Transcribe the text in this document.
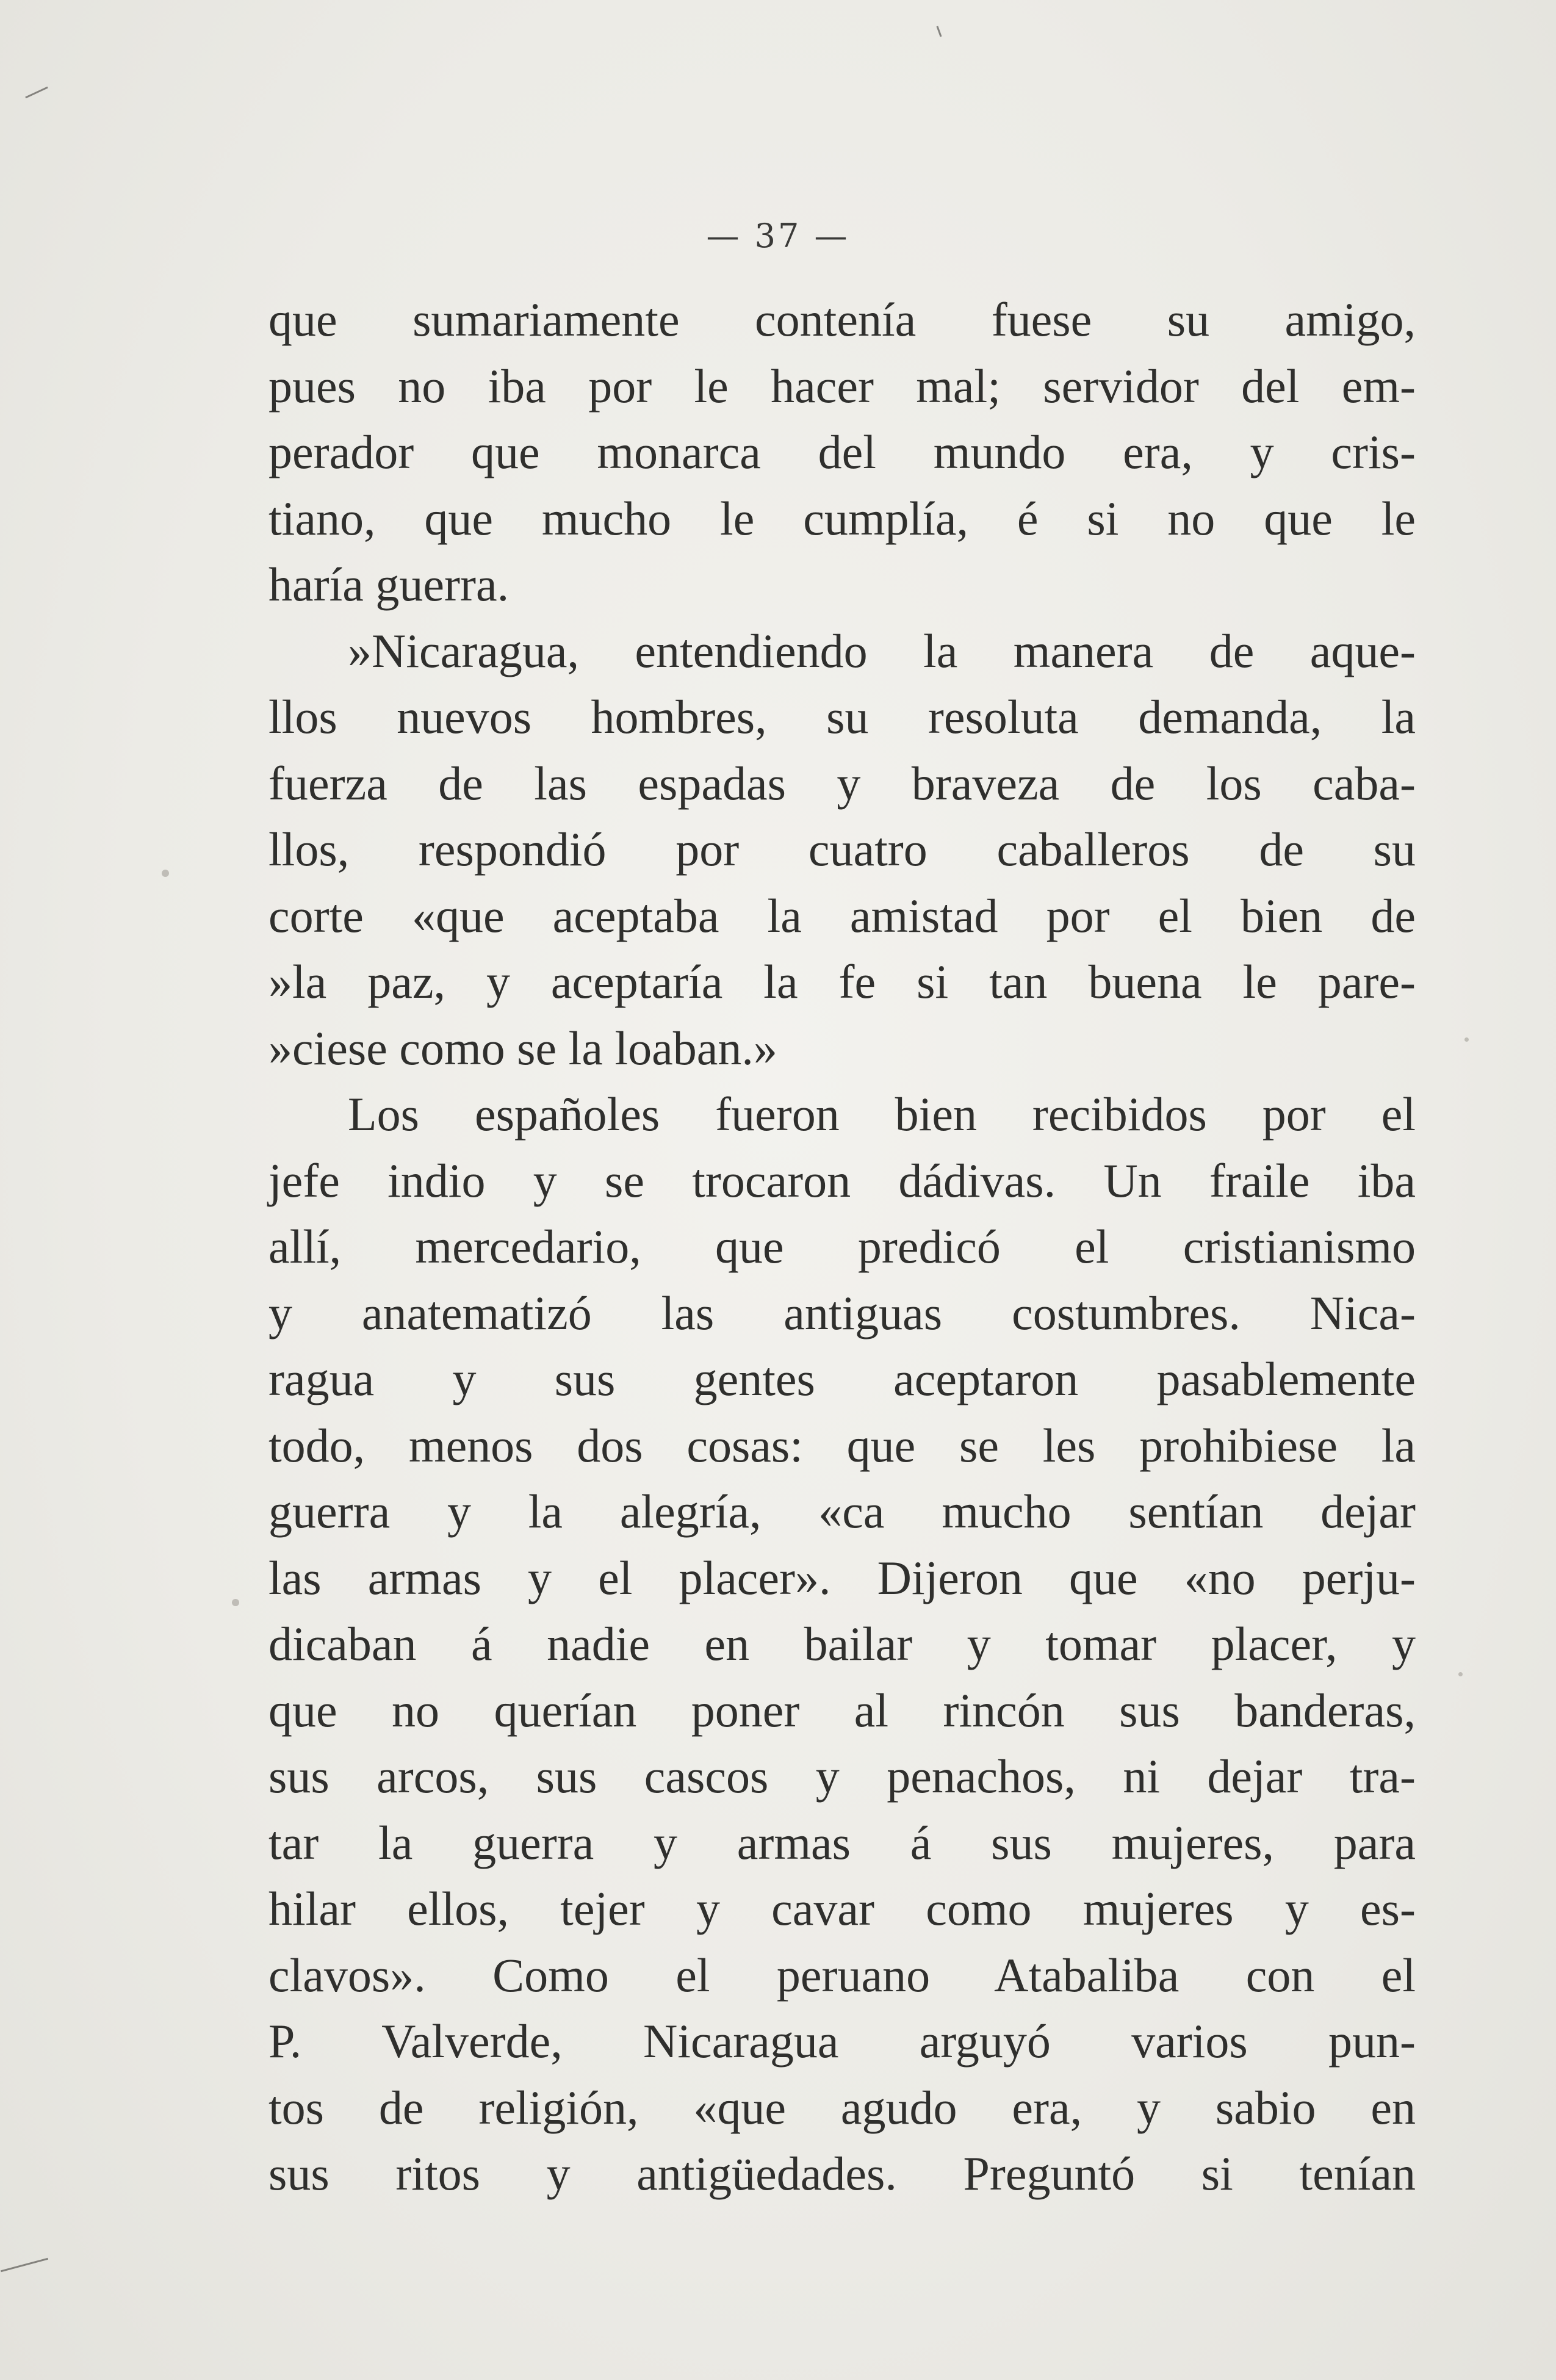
— 37 —
que sumariamente contenía fuese su amigo,
pues no iba por le hacer mal; servidor del em-
perador que monarca del mundo era, y cris-
tiano, que mucho le cumplía, é si no que le
haría guerra.
»Nicaragua, entendiendo la manera de aque-
llos nuevos hombres, su resoluta demanda, la
fuerza de las espadas y braveza de los caba-
llos, respondió por cuatro caballeros de su
corte «que aceptaba la amistad por el bien de
»la paz, y aceptaría la fe si tan buena le pare-
»ciese como se la loaban.»
Los españoles fueron bien recibidos por el
jefe indio y se trocaron dádivas. Un fraile iba
allí, mercedario, que predicó el cristianismo
y anatematizó las antiguas costumbres. Nica-
ragua y sus gentes aceptaron pasablemente
todo, menos dos cosas: que se les prohibiese la
guerra y la alegría, «ca mucho sentían dejar
las armas y el placer». Dijeron que «no perju-
dicaban á nadie en bailar y tomar placer, y
que no querían poner al rincón sus banderas,
sus arcos, sus cascos y penachos, ni dejar tra-
tar la guerra y armas á sus mujeres, para
hilar ellos, tejer y cavar como mujeres y es-
clavos». Como el peruano Atabaliba con el
P. Valverde, Nicaragua arguyó varios pun-
tos de religión, «que agudo era, y sabio en
sus ritos y antigüedades. Preguntó si tenían
